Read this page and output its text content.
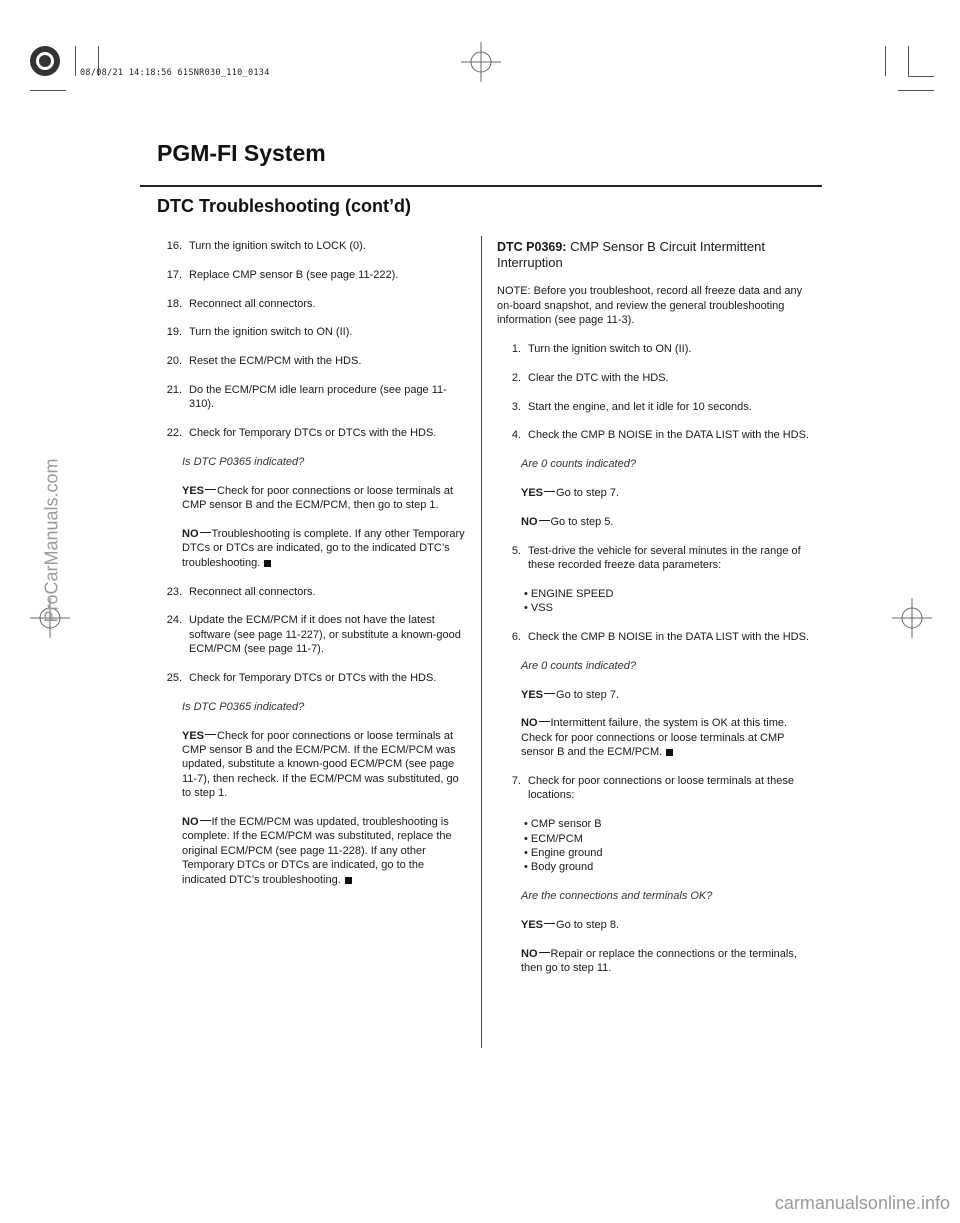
08/08/21 14:18:56 61SNR030_110_0134
PGM-FI System
DTC Troubleshooting (cont’d)
ProCarManuals.com
carmanualsonline.info
16. Turn the ignition switch to LOCK (0).
17. Replace CMP sensor B (see page 11-222).
18. Reconnect all connectors.
19. Turn the ignition switch to ON (II).
20. Reset the ECM/PCM with the HDS.
21. Do the ECM/PCM idle learn procedure (see page 11-310).
22. Check for Temporary DTCs or DTCs with the HDS.
Is DTC P0365 indicated?
YES Check for poor connections or loose terminals at CMP sensor B and the ECM/PCM, then go to step 1.
NO Troubleshooting is complete. If any other Temporary DTCs or DTCs are indicated, go to the indicated DTC’s troubleshooting.
23. Reconnect all connectors.
24. Update the ECM/PCM if it does not have the latest software (see page 11-227), or substitute a known-good ECM/PCM (see page 11-7).
25. Check for Temporary DTCs or DTCs with the HDS.
Is DTC P0365 indicated?
YES Check for poor connections or loose terminals at CMP sensor B and the ECM/PCM. If the ECM/PCM was updated, substitute a known-good ECM/PCM (see page 11-7), then recheck. If the ECM/PCM was substituted, go to step 1.
NO If the ECM/PCM was updated, troubleshooting is complete. If the ECM/PCM was substituted, replace the original ECM/PCM (see page 11-228). If any other Temporary DTCs or DTCs are indicated, go to the indicated DTC’s troubleshooting.
DTC P0369: CMP Sensor B Circuit Intermittent Interruption
NOTE: Before you troubleshoot, record all freeze data and any on-board snapshot, and review the general troubleshooting information (see page 11-3).
1. Turn the ignition switch to ON (II).
2. Clear the DTC with the HDS.
3. Start the engine, and let it idle for 10 seconds.
4. Check the CMP B NOISE in the DATA LIST with the HDS.
Are 0 counts indicated?
YES Go to step 7.
NO Go to step 5.
5. Test-drive the vehicle for several minutes in the range of these recorded freeze data parameters:
• ENGINE SPEED
• VSS
6. Check the CMP B NOISE in the DATA LIST with the HDS.
Are 0 counts indicated?
YES Go to step 7.
NO Intermittent failure, the system is OK at this time. Check for poor connections or loose terminals at CMP sensor B and the ECM/PCM.
7. Check for poor connections or loose terminals at these locations:
• CMP sensor B
• ECM/PCM
• Engine ground
• Body ground
Are the connections and terminals OK?
YES Go to step 8.
NO Repair or replace the connections or the terminals, then go to step 11.
